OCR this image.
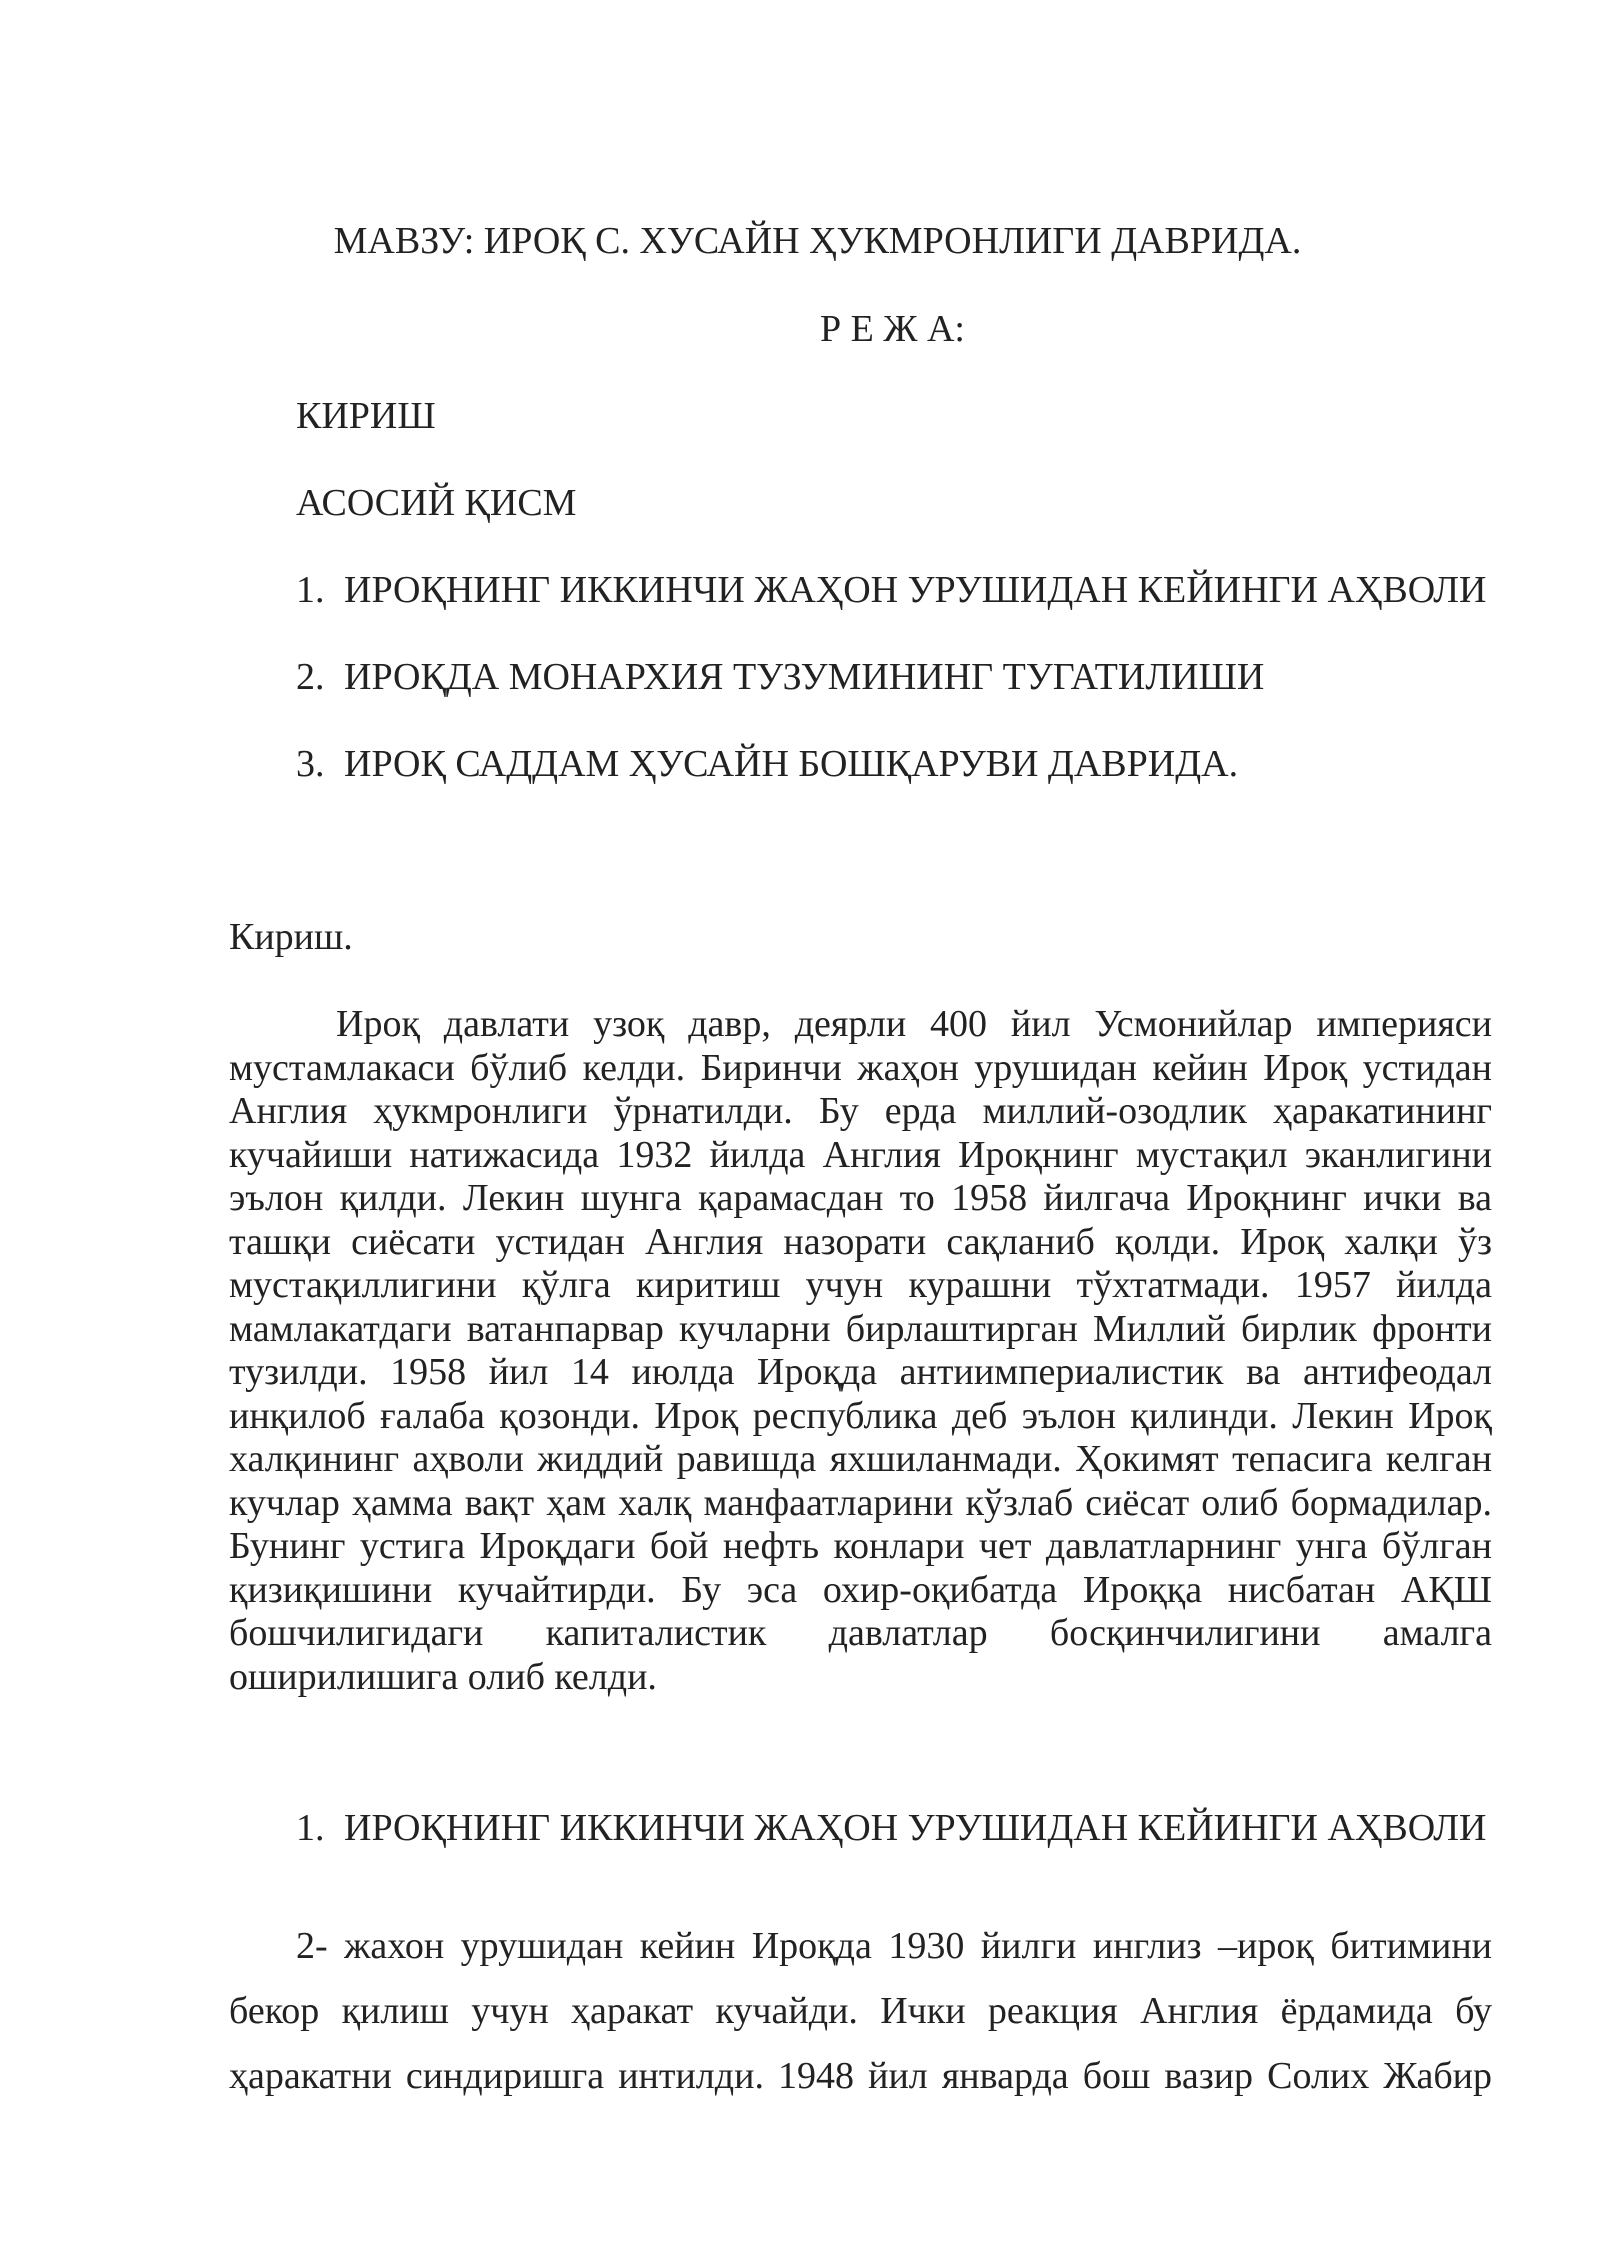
МАВЗУ: ИРОҚ С. ХУСАЙН ҲУКМРОНЛИГИ ДАВРИДА.

Р Е Ж А:

КИРИШ

АСОСИЙ ҚИСМ

1. ИРОҚНИНГ ИККИНЧИ ЖАҲОН УРУШИДАН КЕЙИНГИ АҲВОЛИ

2. ИРОҚДА МОНАРХИЯ ТУЗУМИНИНГ ТУГАТИЛИШИ

3. ИРОҚ САДДАМ ҲУСАЙН БОШҚАРУВИ ДАВРИДА.

Кириш.

Ироқ давлати узоқ давр, деярли 400 йил Усмонийлар империяси

мустамлакаси бўлиб келди. Биринчи жаҳон урушидан кейин Ироқ устидан

Англия ҳукмронлиги ўрнатилди. Бу ерда миллий-озодлик ҳаракатининг

кучайиши натижасида 1932 йилда Англия Ироқнинг мустақил эканлигини

эълон қилди. Лекин шунга қарамасдан то 1958 йилгача Ироқнинг ички ва

ташқи сиёсати устидан Англия назорати сақланиб қолди. Ироқ халқи ўз

мустақиллигини қўлга киритиш учун курашни тўхтатмади. 1957 йилда

мамлакатдаги ватанпарвар кучларни бирлаштирган Миллий бирлик фронти

тузилди. 1958 йил 14 июлда Ироқда антиимпериалистик ва антифеодал

инқилоб ғалаба қозонди. Ироқ республика деб эълон қилинди. Лекин Ироқ

халқининг аҳволи жиддий равишда яхшиланмади. Ҳокимят тепасига келган

кучлар ҳамма вақт ҳам халқ манфаатларини кўзлаб сиёсат олиб бормадилар.

Бунинг устига Ироқдаги бой нефть конлари чет давлатларнинг унга бўлган

қизиқишини кучайтирди. Бу эса охир-оқибатда Ироққа нисбатан АҚШ

бошчилигидаги капиталистик давлатлар босқинчилигини амалга

оширилишига олиб келди.

1. ИРОҚНИНГ ИККИНЧИ ЖАҲОН УРУШИДАН КЕЙИНГИ АҲВОЛИ

2- жахон урушидан кейин Ироқда 1930 йилги инглиз –ироқ битимини

бекор қилиш учун ҳаракат кучайди. Ички реакция Англия ёрдамида бу

ҳаракатни синдиришга интилди. 1948 йил январда бош вазир Солих Жабир
